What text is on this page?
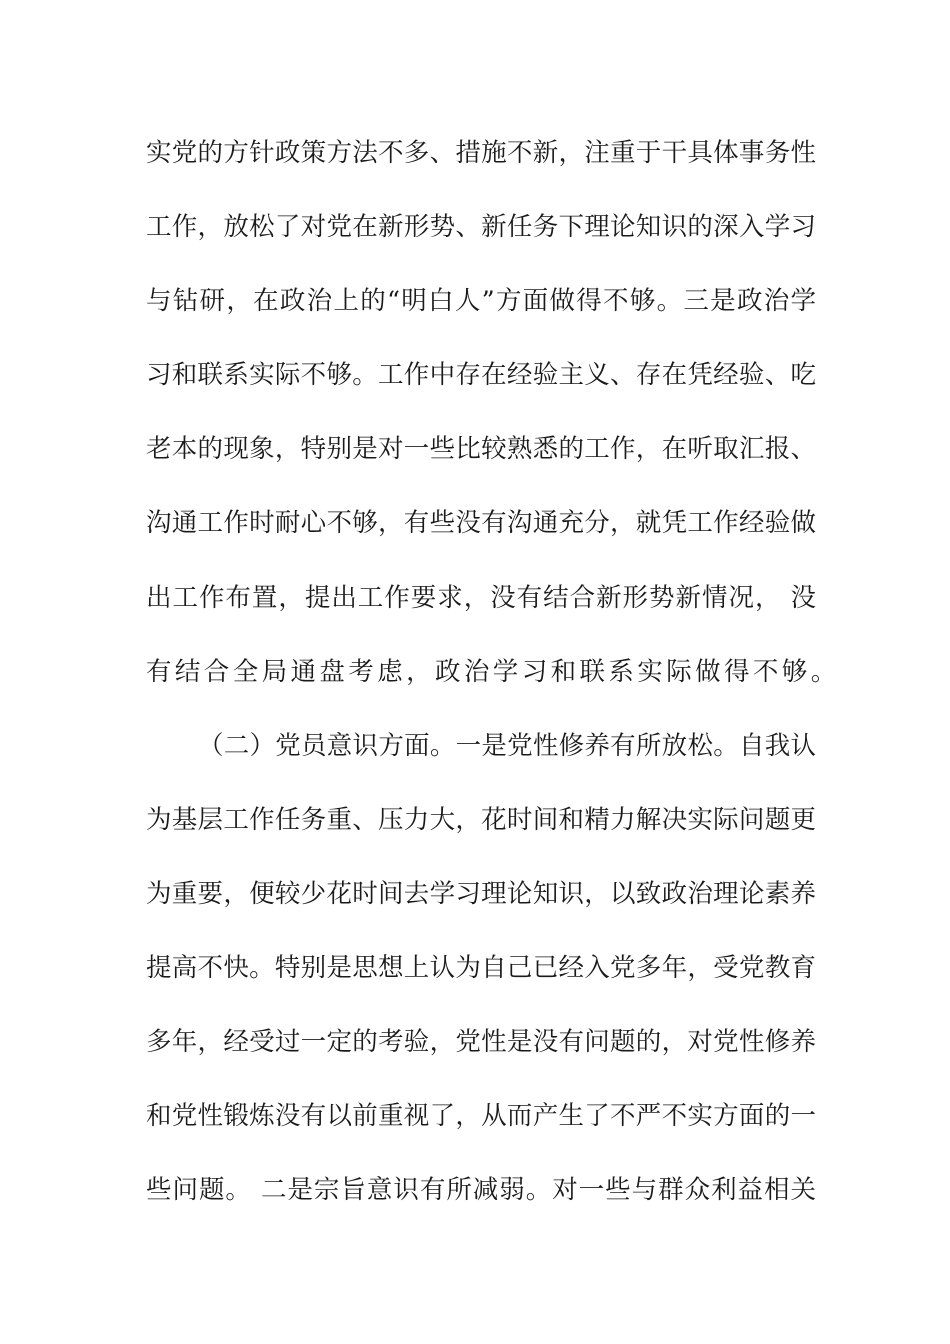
实党的方针政策方法不多、措施不新，注重于干具体事务性
工作，放松了对党在新形势、新任务下理论知识的深入学习
与钻研，在政治上的“明白人”方面做得不够。三是政治学
习和联系实际不够。工作中存在经验主义、存在凭经验、吃
老本的现象，特别是对一些比较熟悉的工作，在听取汇报、
沟通工作时耐心不够，有些没有沟通充分，就凭工作经验做
出工作布置，提出工作要求，没有结合新形势新情况， 没
有结合全局通盘考虑，政治学习和联系实际做得不够。
（二）党员意识方面。一是党性修养有所放松。自我认
为基层工作任务重、压力大，花时间和精力解决实际问题更
为重要，便较少花时间去学习理论知识，以致政治理论素养
提高不快。特别是思想上认为自己已经入党多年，受党教育
多年，经受过一定的考验，党性是没有问题的，对党性修养
和党性锻炼没有以前重视了，从而产生了不严不实方面的一
些问题。 二是宗旨意识有所减弱。对一些与群众利益相关
